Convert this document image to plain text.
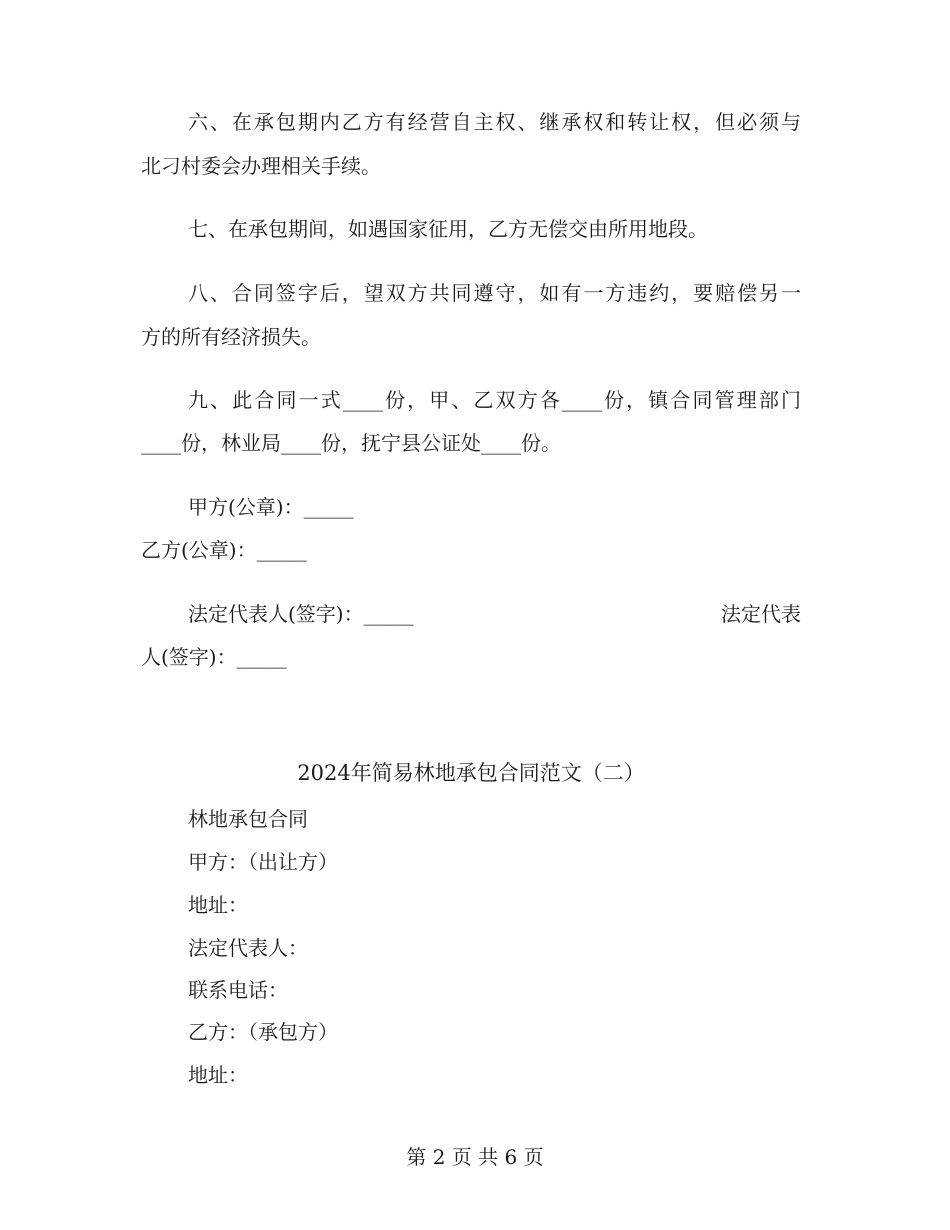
六、在承包期内乙方有经营自主权、继承权和转让权，但必须与
北刁村委会办理相关手续。
七、在承包期间，如遇国家征用，乙方无偿交由所用地段。
八、合同签字后，望双方共同遵守，如有一方违约，要赔偿另一
方的所有经济损失。
九、此合同一式____份，甲、乙双方各____份，镇合同管理部门
____份，林业局____份，抚宁县公证处____份。
甲方(公章)：_____
乙方(公章)：_____
法定代表人(签字)：_____	法定代表
人(签字)：_____
2024年简易林地承包合同范文（二）
林地承包合同
甲方：（出让方）
地址：
法定代表人：
联系电话：
乙方：（承包方）
地址：
第 2 页 共 6 页
